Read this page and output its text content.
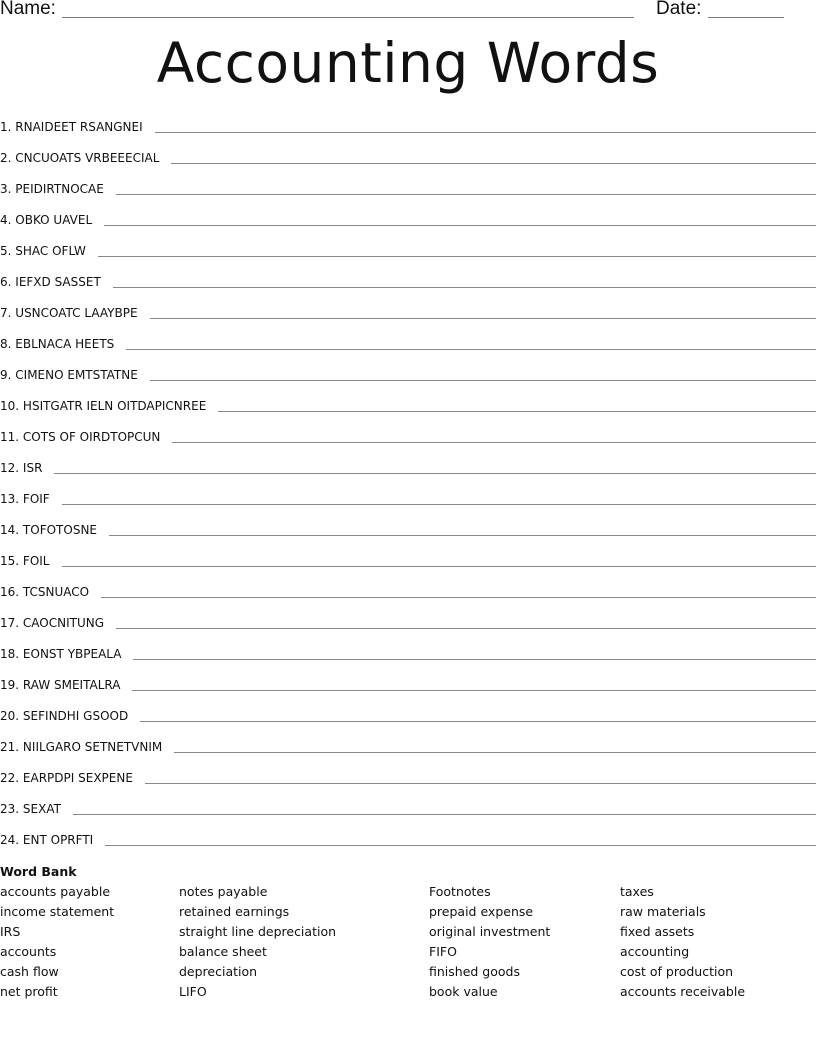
Name:	Date:
Accounting Words
1.
RNAIDEET RSANGNEI
2.
CNCUOATS VRBEEECIAL
3.
PEIDIRTNOCAE
4.
OBKO UAVEL
5.
SHAC OFLW
6.
IEFXD SASSET
7.
USNCOATC LAAYBPE
8.
EBLNACA HEETS
9.
CIMENO EMTSTATNE
10.
HSITGATR IELN OITDAPICNREE
11.
COTS OF OIRDTOPCUN
12.
ISR
13.
FOIF
14.
TOFOTOSNE
15.
FOIL
16.
TCSNUACO
17.
CAOCNITUNG
18.
EONST YBPEALA
19.
RAW SMEITALRA
20.
SEFINDHI GSOOD
21.
NIILGARO SETNETVNIM
22.
EARPDPI SEXPENE
23.
SEXAT
24.
ENT OPRFTI
Word Bank
accounts payable
income statement
IRS
accounts
cash flow
net profit
notes payable
retained earnings
straight line depreciation
balance sheet
depreciation
LIFO
Footnotes
prepaid expense
original investment
FIFO
finished goods
book value
taxes
raw materials
fixed assets
accounting
cost of production
accounts receivable
